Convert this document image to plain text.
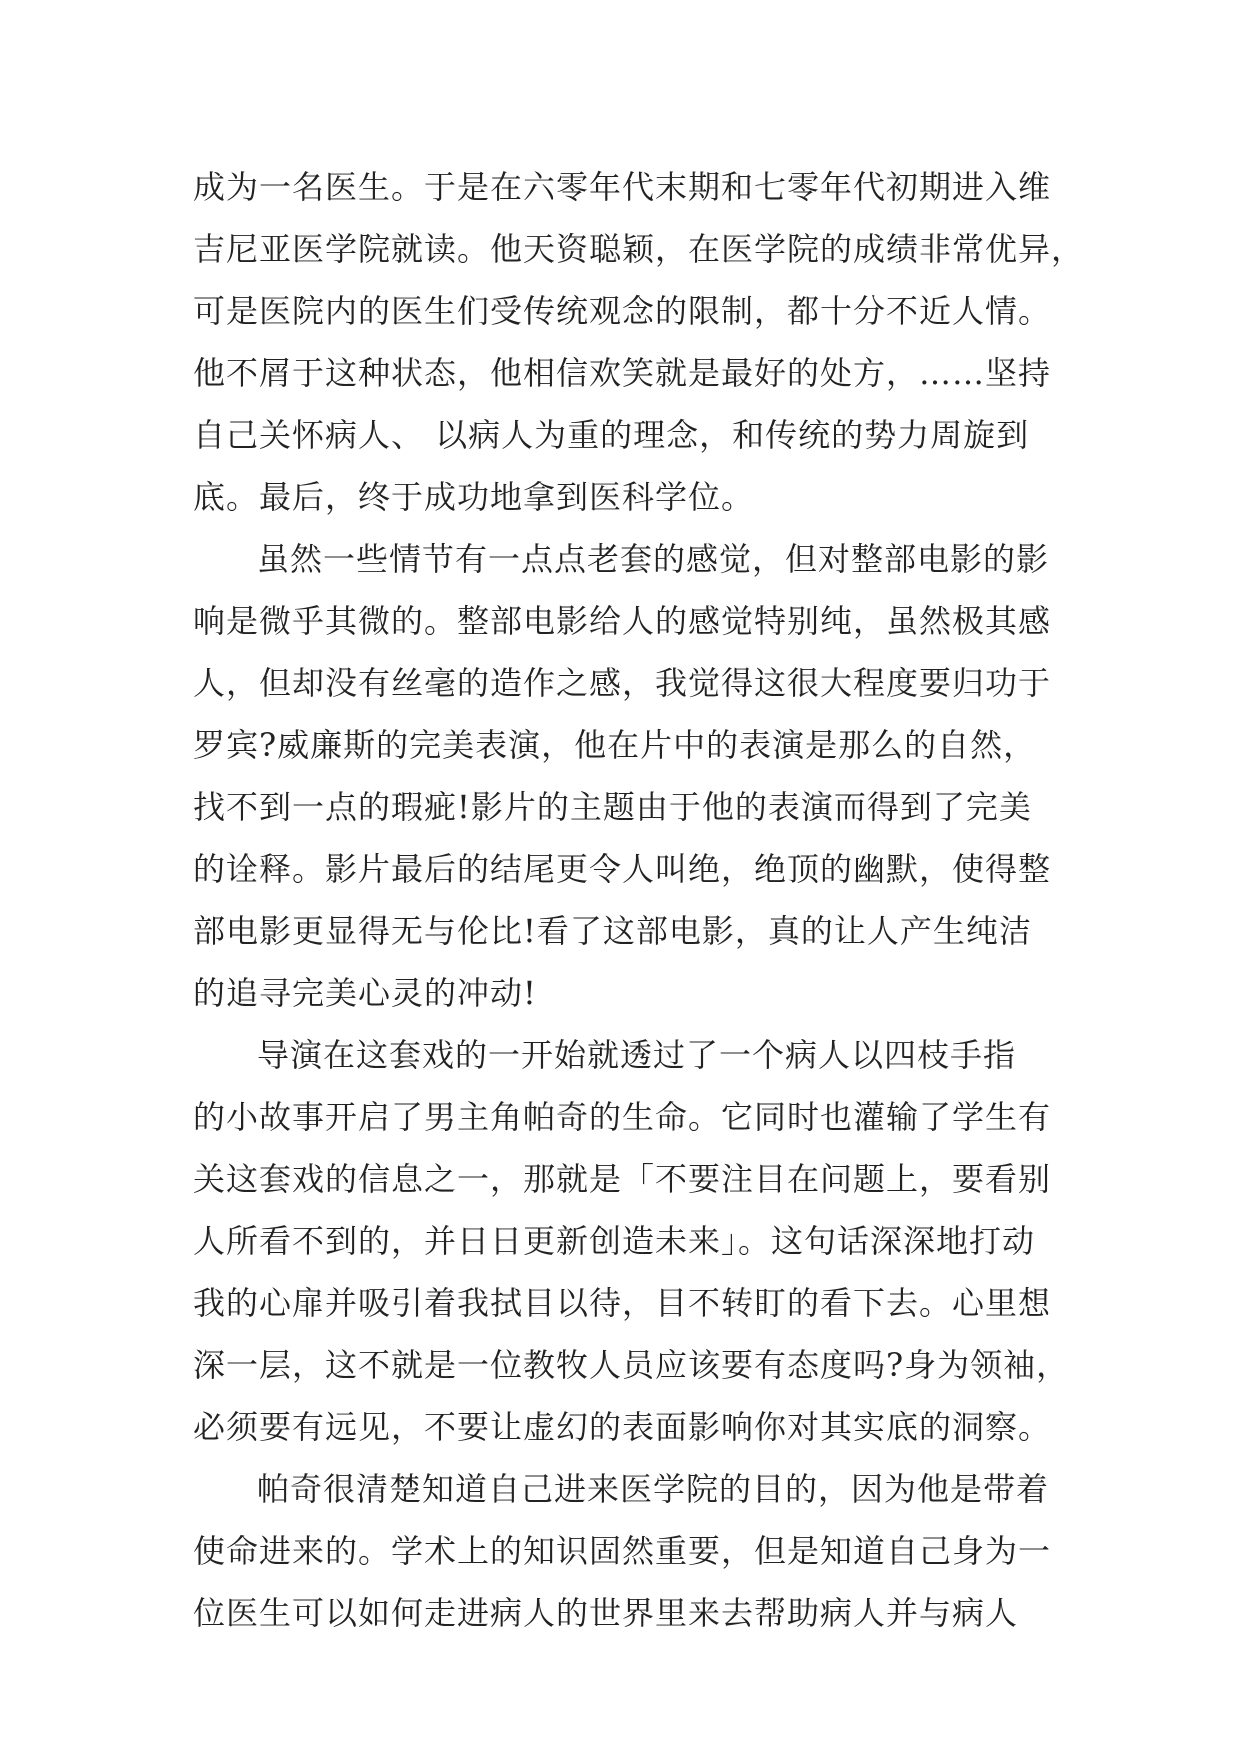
成为一名医生。于是在六零年代末期和七零年代初期进入维
吉尼亚医学院就读。他天资聪颖，在医学院的成绩非常优异，
可是医院内的医生们受传统观念的限制，都十分不近人情。
他不屑于这种状态，他相信欢笑就是最好的处方，……坚持
自己关怀病人、 以病人为重的理念，和传统的势力周旋到
底。最后，终于成功地拿到医科学位。
虽然一些情节有一点点老套的感觉，但对整部电影的影
响是微乎其微的。整部电影给人的感觉特别纯，虽然极其感
人，但却没有丝毫的造作之感，我觉得这很大程度要归功于
罗宾?威廉斯的完美表演，他在片中的表演是那么的自然，
找不到一点的瑕疵!影片的主题由于他的表演而得到了完美
的诠释。影片最后的结尾更令人叫绝，绝顶的幽默，使得整
部电影更显得无与伦比!看了这部电影，真的让人产生纯洁
的追寻完美心灵的冲动!
导演在这套戏的一开始就透过了一个病人以四枝手指
的小故事开启了男主角帕奇的生命。它同时也灌输了学生有
关这套戏的信息之一，那就是「不要注目在问题上，要看别
人所看不到的，并日日更新创造未来」。这句话深深地打动
我的心扉并吸引着我拭目以待，目不转盯的看下去。心里想
深一层，这不就是一位教牧人员应该要有态度吗?身为领袖，
必须要有远见，不要让虚幻的表面影响你对其实底的洞察。
帕奇很清楚知道自己进来医学院的目的，因为他是带着
使命进来的。学术上的知识固然重要，但是知道自己身为一
位医生可以如何走进病人的世界里来去帮助病人并与病人
